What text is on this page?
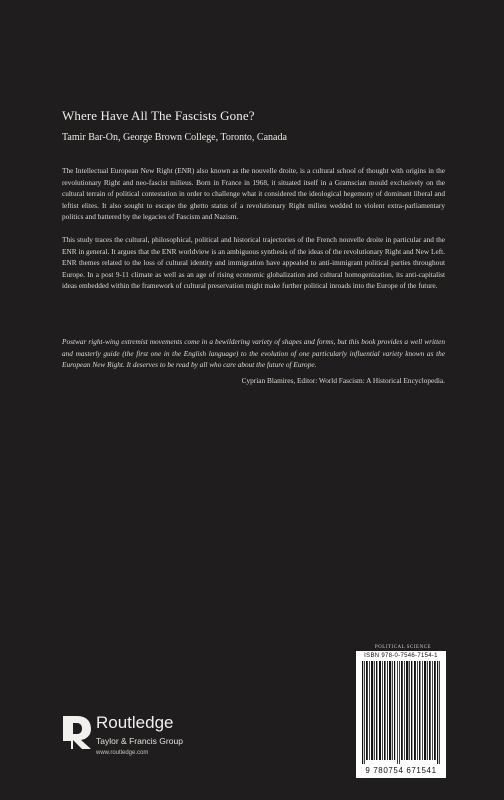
Where Have All The Fascists Gone?
Tamir Bar-On, George Brown College, Toronto, Canada

The Intellectual European New Right (ENR) also known as the nouvelle droite, is a cultural school of thought with origins in the revolutionary Right and neo-fascist milieus. Born in France in 1968, it situated itself in a Gramscian mould exclusively on the cultural terrain of political contestation in order to challenge what it considered the ideological hegemony of dominant liberal and leftist elites. It also sought to escape the ghetto status of a revolutionary Right milieu wedded to violent extra-parliamentary politics and battered by the legacies of Fascism and Nazism.

This study traces the cultural, philosophical, political and historical trajectories of the French nouvelle droite in particular and the ENR in general. It argues that the ENR worldview is an ambiguous synthesis of the ideas of the revolutionary Right and New Left. ENR themes related to the loss of cultural identity and immigration have appealed to anti-immigrant political parties throughout Europe. In a post 9-11 climate as well as an age of rising economic globalization and cultural homogenization, its anti-capitalist ideas embedded within the framework of cultural preservation might make further political inroads into the Europe of the future.

Postwar right-wing extremist movements come in a bewildering variety of shapes and forms, but this book provides a well written and masterly guide (the first one in the English language) to the evolution of one particularly influential variety known as the European New Right. It deserves to be read by all who care about the future of Europe.

Cyprian Blamires, Editor: World Fascism: A Historical Encyclopedia.
POLITICAL SCIENCE
ISBN 978-0-7546-7154-1
9 780754 671541
Routledge
Taylor & Francis Group
www.routledge.com
